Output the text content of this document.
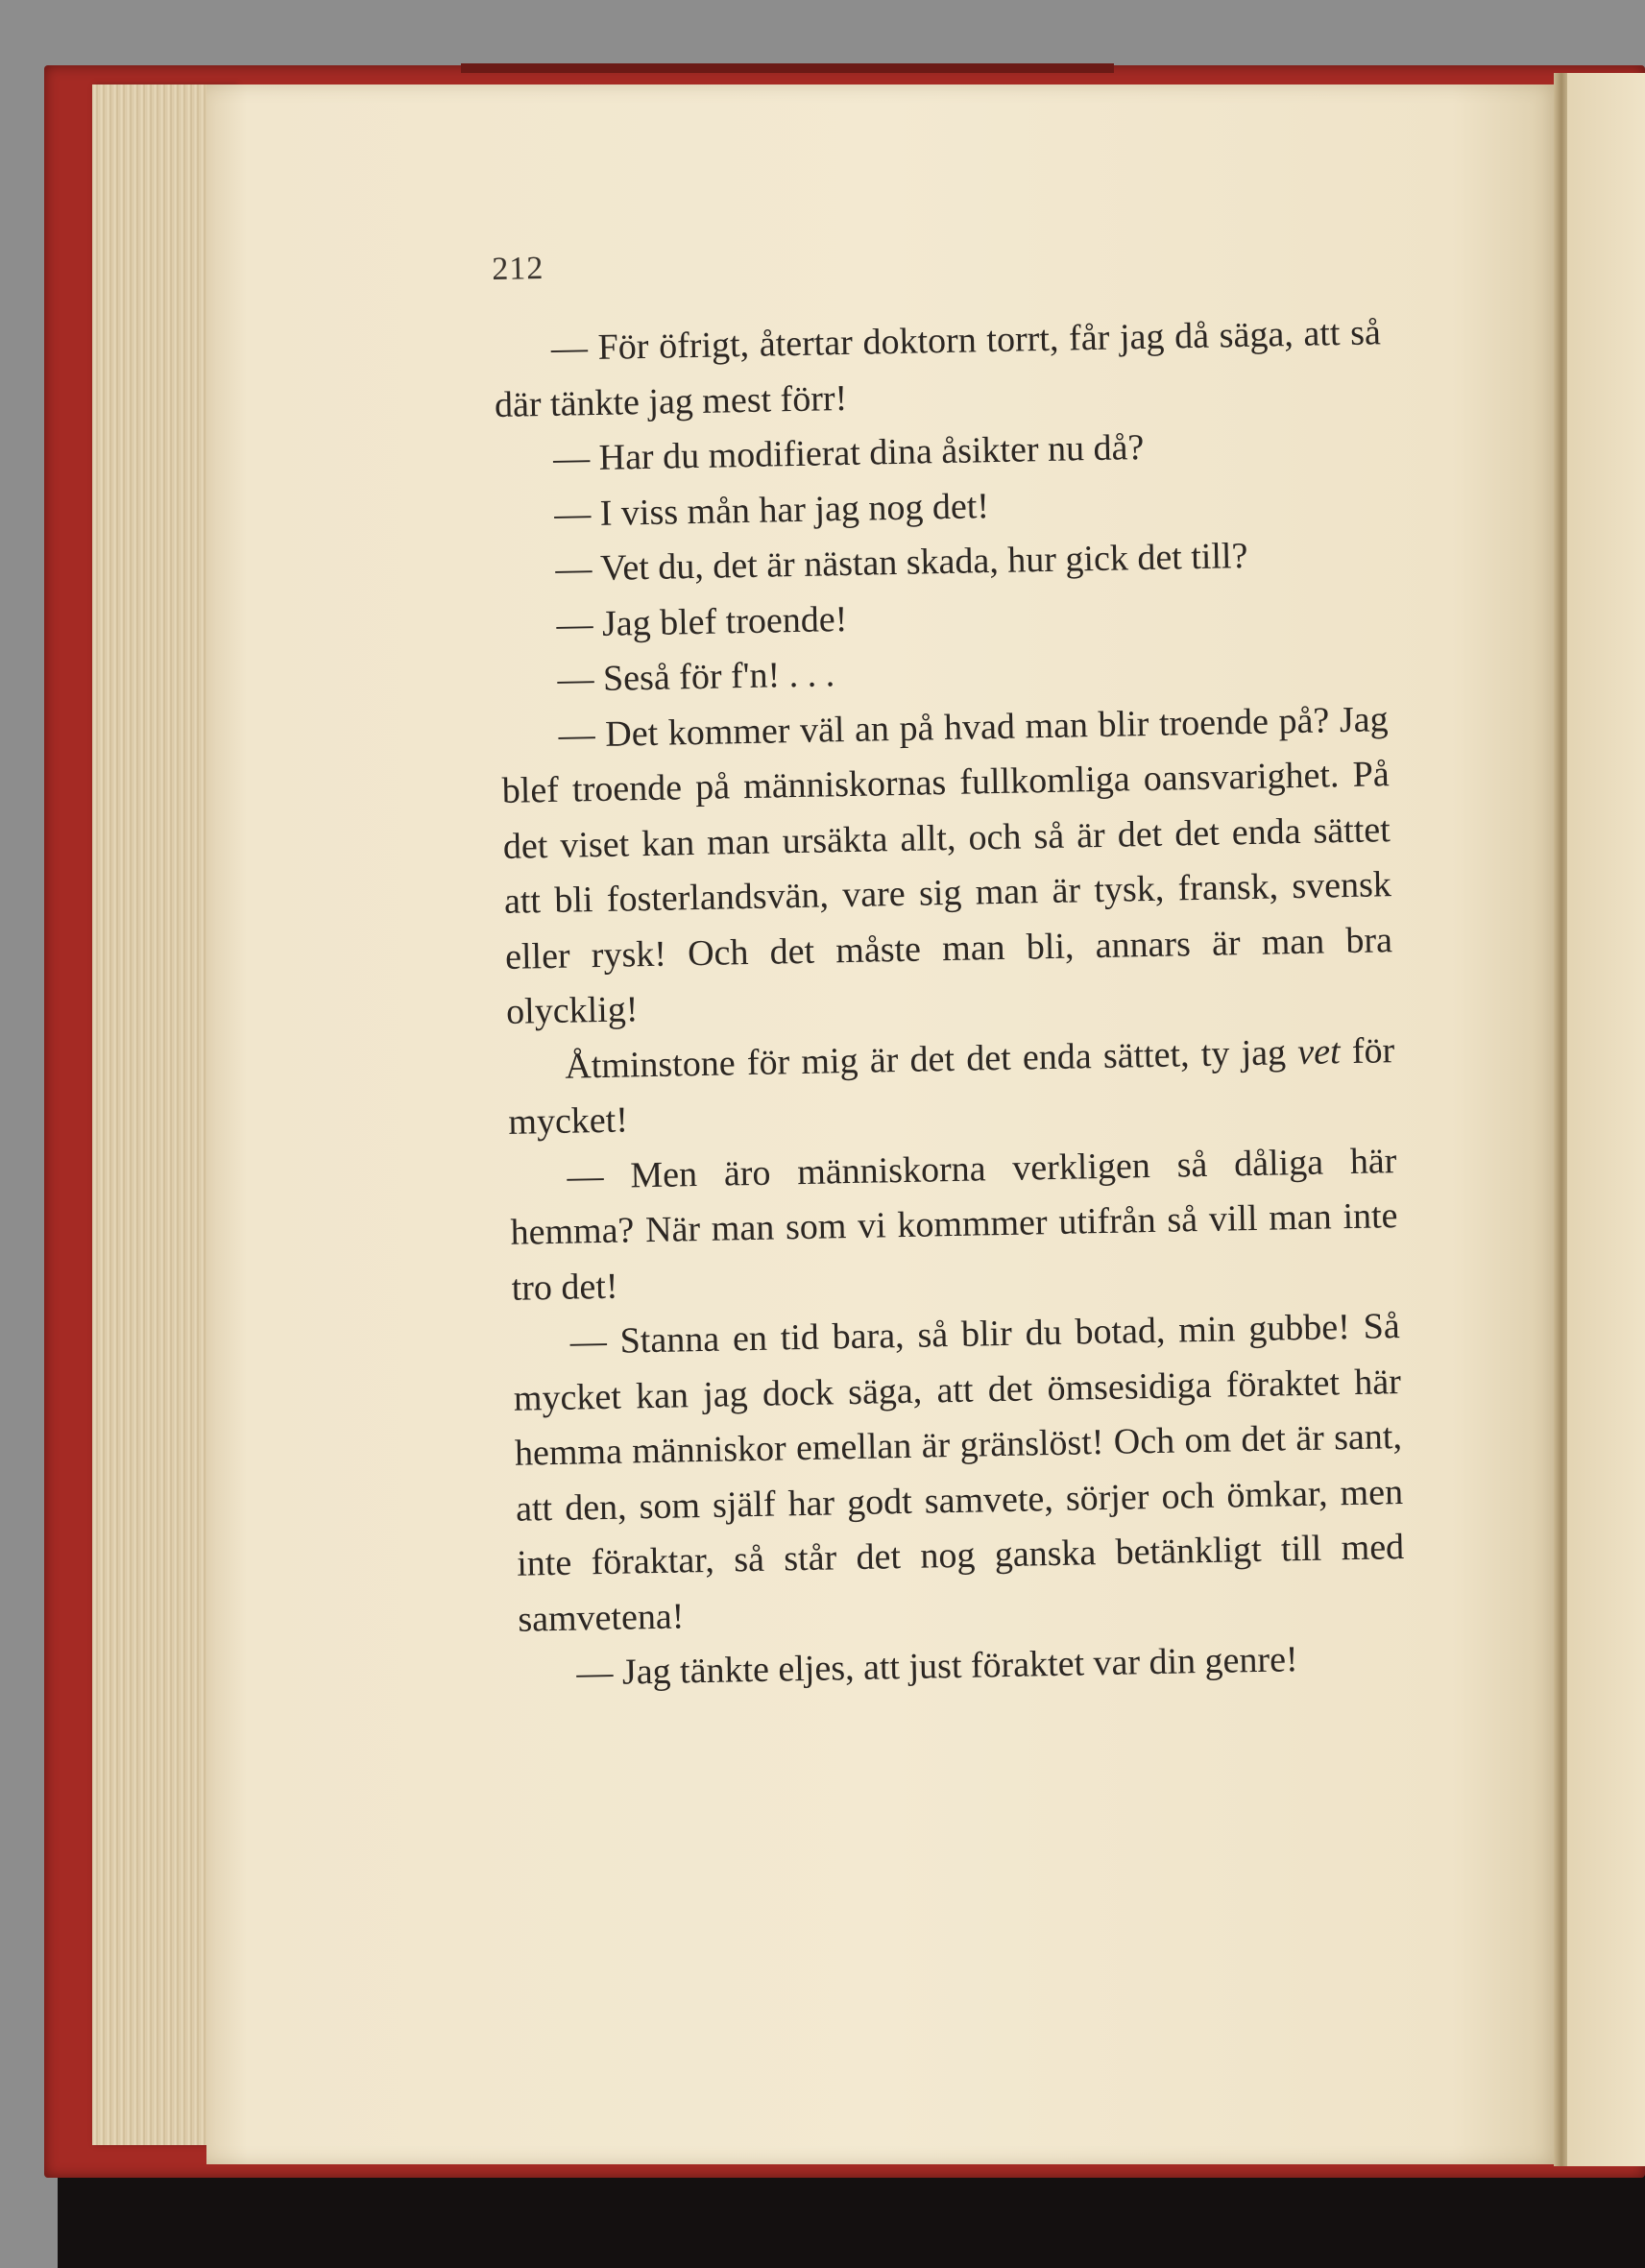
212

— För öfrigt, återtar doktorn torrt, får jag då säga, att så där tänkte jag mest förr!

— Har du modifierat dina åsikter nu då?

— I viss mån har jag nog det!

— Vet du, det är nästan skada, hur gick det till?

— Jag blef troende!

— Seså för f'n! . . .

— Det kommer väl an på hvad man blir troende på? Jag blef troende på människornas fullkomliga oansvarighet. På det viset kan man ursäkta allt, och så är det det enda sättet att bli fosterlandsvän, vare sig man är tysk, fransk, svensk eller rysk! Och det måste man bli, annars är man bra olycklig!

Åtminstone för mig är det det enda sättet, ty jag vet för mycket!

— Men äro människorna verkligen så dåliga här hemma? När man som vi kommmer utifrån så vill man inte tro det!

— Stanna en tid bara, så blir du botad, min gubbe! Så mycket kan jag dock säga, att det ömsesidiga föraktet här hemma människor emellan är gränslöst! Och om det är sant, att den, som själf har godt samvete, sörjer och ömkar, men inte föraktar, så står det nog ganska betänkligt till med samvetena!

— Jag tänkte eljes, att just föraktet var din genre!
